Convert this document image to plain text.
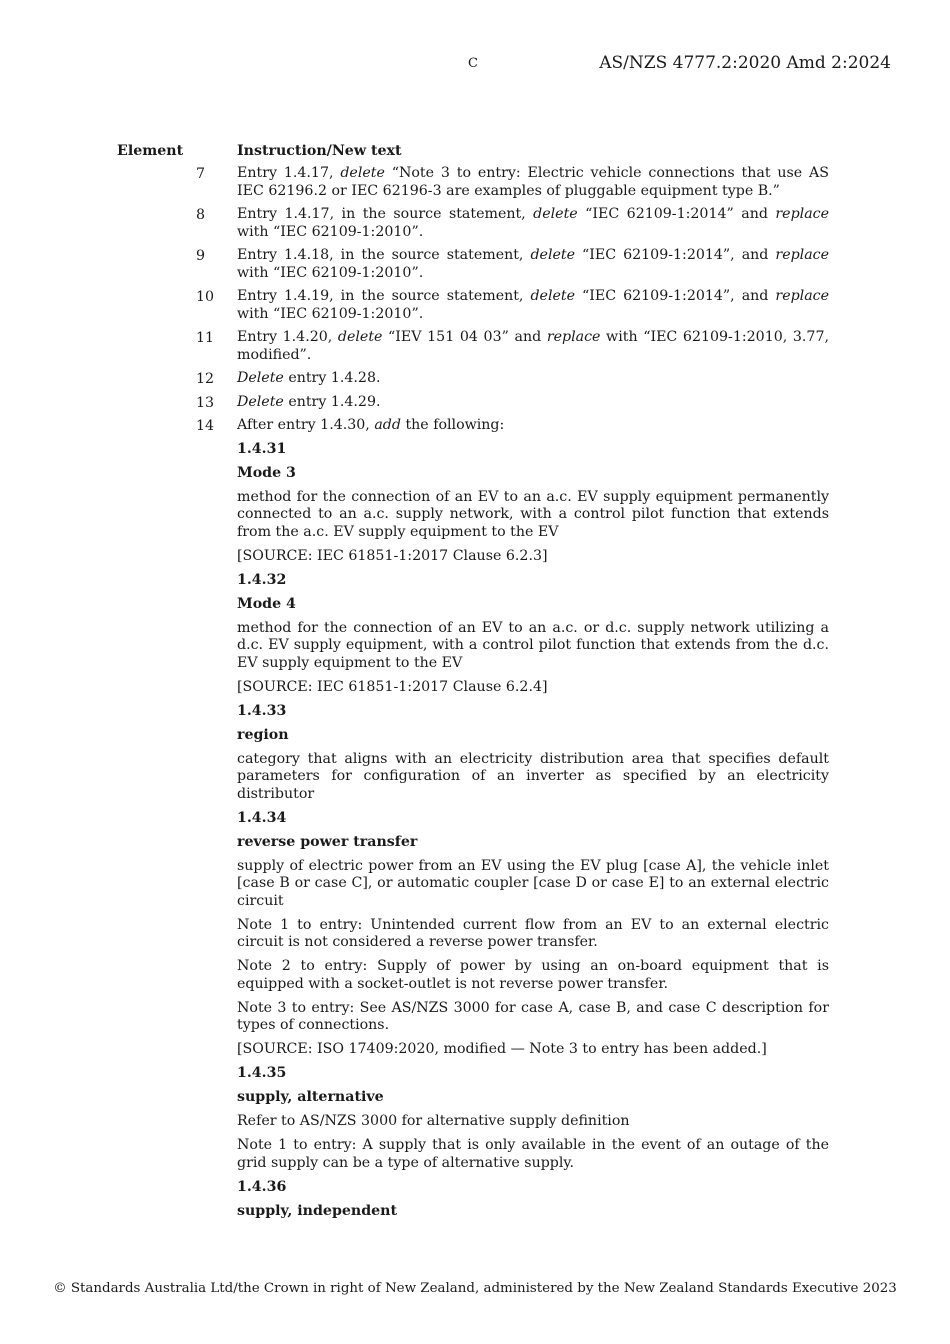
C	AS/NZS 4777.2:2020 Amd 2:2024
Element	Instruction/New text
7 Entry 1.4.17, delete “Note 3 to entry: Electric vehicle connections that use AS IEC 62196.2 or IEC 62196-3 are examples of pluggable equipment type B.”
8 Entry 1.4.17, in the source statement, delete “IEC 62109-1:2014” and replace with “IEC 62109-1:2010”.
9 Entry 1.4.18, in the source statement, delete “IEC 62109-1:2014”, and replace with “IEC 62109-1:2010”.
10 Entry 1.4.19, in the source statement, delete “IEC 62109-1:2014”, and replace with “IEC 62109-1:2010”.
11 Entry 1.4.20, delete “IEV 151 04 03” and replace with “IEC 62109-1:2010, 3.77, modified”.
12 Delete entry 1.4.28.
13 Delete entry 1.4.29.
14 After entry 1.4.30, add the following:
1.4.31
Mode 3
method for the connection of an EV to an a.c. EV supply equipment permanently connected to an a.c. supply network, with a control pilot function that extends from the a.c. EV supply equipment to the EV
[SOURCE: IEC 61851-1:2017 Clause 6.2.3]
1.4.32
Mode 4
method for the connection of an EV to an a.c. or d.c. supply network utilizing a d.c. EV supply equipment, with a control pilot function that extends from the d.c. EV supply equipment to the EV
[SOURCE: IEC 61851-1:2017 Clause 6.2.4]
1.4.33
region
category that aligns with an electricity distribution area that specifies default parameters for configuration of an inverter as specified by an electricity distributor
1.4.34
reverse power transfer
supply of electric power from an EV using the EV plug [case A], the vehicle inlet [case B or case C], or automatic coupler [case D or case E] to an external electric circuit
Note 1 to entry: Unintended current flow from an EV to an external electric circuit is not considered a reverse power transfer.
Note 2 to entry: Supply of power by using an on-board equipment that is equipped with a socket-outlet is not reverse power transfer.
Note 3 to entry: See AS/NZS 3000 for case A, case B, and case C description for types of connections.
[SOURCE: ISO 17409:2020, modified — Note 3 to entry has been added.]
1.4.35
supply, alternative
Refer to AS/NZS 3000 for alternative supply definition
Note 1 to entry: A supply that is only available in the event of an outage of the grid supply can be a type of alternative supply.
1.4.36
supply, independent
© Standards Australia Ltd/the Crown in right of New Zealand, administered by the New Zealand Standards Executive 2023
